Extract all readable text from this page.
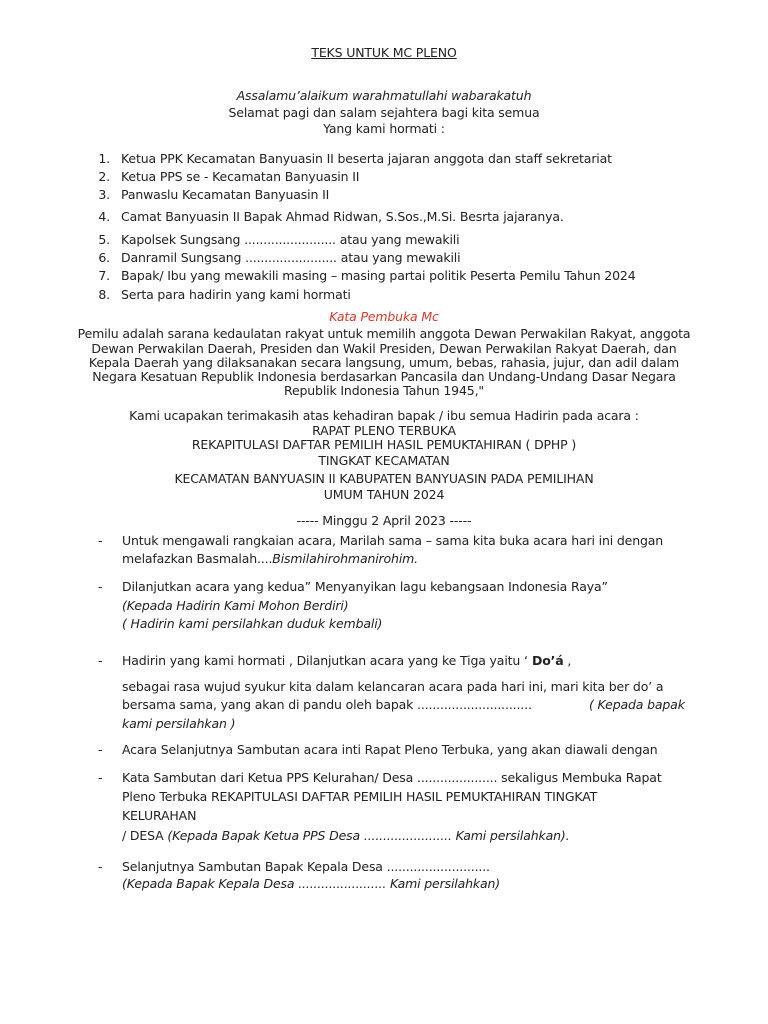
TEKS UNTUK MC PLENO
Assalamu’alaikum warahmatullahi wabarakatuh
Selamat pagi dan salam sejahtera bagi kita semua
Yang kami hormati :
1. Ketua PPK Kecamatan Banyuasin II beserta jajaran anggota dan staff sekretariat
2. Ketua PPS se - Kecamatan Banyuasin II
3. Panwaslu Kecamatan Banyuasin II
4. Camat Banyuasin II Bapak Ahmad Ridwan, S.Sos.,M.Si. Besrta jajaranya.
5. Kapolsek Sungsang ........................ atau yang mewakili
6. Danramil Sungsang ........................ atau yang mewakili
7. Bapak/ Ibu yang mewakili masing – masing partai politik Peserta Pemilu Tahun 2024
8. Serta para hadirin yang kami hormati
Kata Pembuka Mc
Pemilu adalah sarana kedaulatan rakyat untuk memilih anggota Dewan Perwakilan Rakyat, anggota
Dewan Perwakilan Daerah, Presiden dan Wakil Presiden, Dewan Perwakilan Rakyat Daerah, dan
Kepala Daerah yang dilaksanakan secara langsung, umum, bebas, rahasia, jujur, dan adil dalam
Negara Kesatuan Republik Indonesia berdasarkan Pancasila dan Undang-Undang Dasar Negara
Republik Indonesia Tahun 1945,"
Kami ucapakan terimakasih atas kehadiran bapak / ibu semua Hadirin pada acara :
RAPAT PLENO TERBUKA
REKAPITULASI DAFTAR PEMILIH HASIL PEMUKTAHIRAN ( DPHP )
TINGKAT KECAMATAN
KECAMATAN BANYUASIN II KABUPATEN BANYUASIN PADA PEMILIHAN
UMUM TAHUN 2024
----- Minggu 2 April 2023 -----
- Untuk mengawali rangkaian acara, Marilah sama – sama kita buka acara hari ini dengan
melafazkan Basmalah....Bismilahirohmanirohim.
- Dilanjutkan acara yang kedua” Menyanyikan lagu kebangsaan Indonesia Raya”
(Kepada Hadirin Kami Mohon Berdiri)
( Hadirin kami persilahkan duduk kembali)
- Hadirin yang kami hormati , Dilanjutkan acara yang ke Tiga yaitu ‘ Do’á ,
sebagai rasa wujud syukur kita dalam kelancaran acara pada hari ini, mari kita ber do’ a
bersama sama, yang akan di pandu oleh bapak ..............................	( Kepada bapak
kami persilahkan )
- Acara Selanjutnya Sambutan acara inti Rapat Pleno Terbuka, yang akan diawali dengan
- Kata Sambutan dari Ketua PPS Kelurahan/ Desa ..................... sekaligus Membuka Rapat
Pleno Terbuka REKAPITULASI DAFTAR PEMILIH HASIL PEMUKTAHIRAN TINGKAT
KELURAHAN
/ DESA (Kepada Bapak Ketua PPS Desa ....................... Kami persilahkan).
- Selanjutnya Sambutan Bapak Kepala Desa ...........................
(Kepada Bapak Kepala Desa ....................... Kami persilahkan)
